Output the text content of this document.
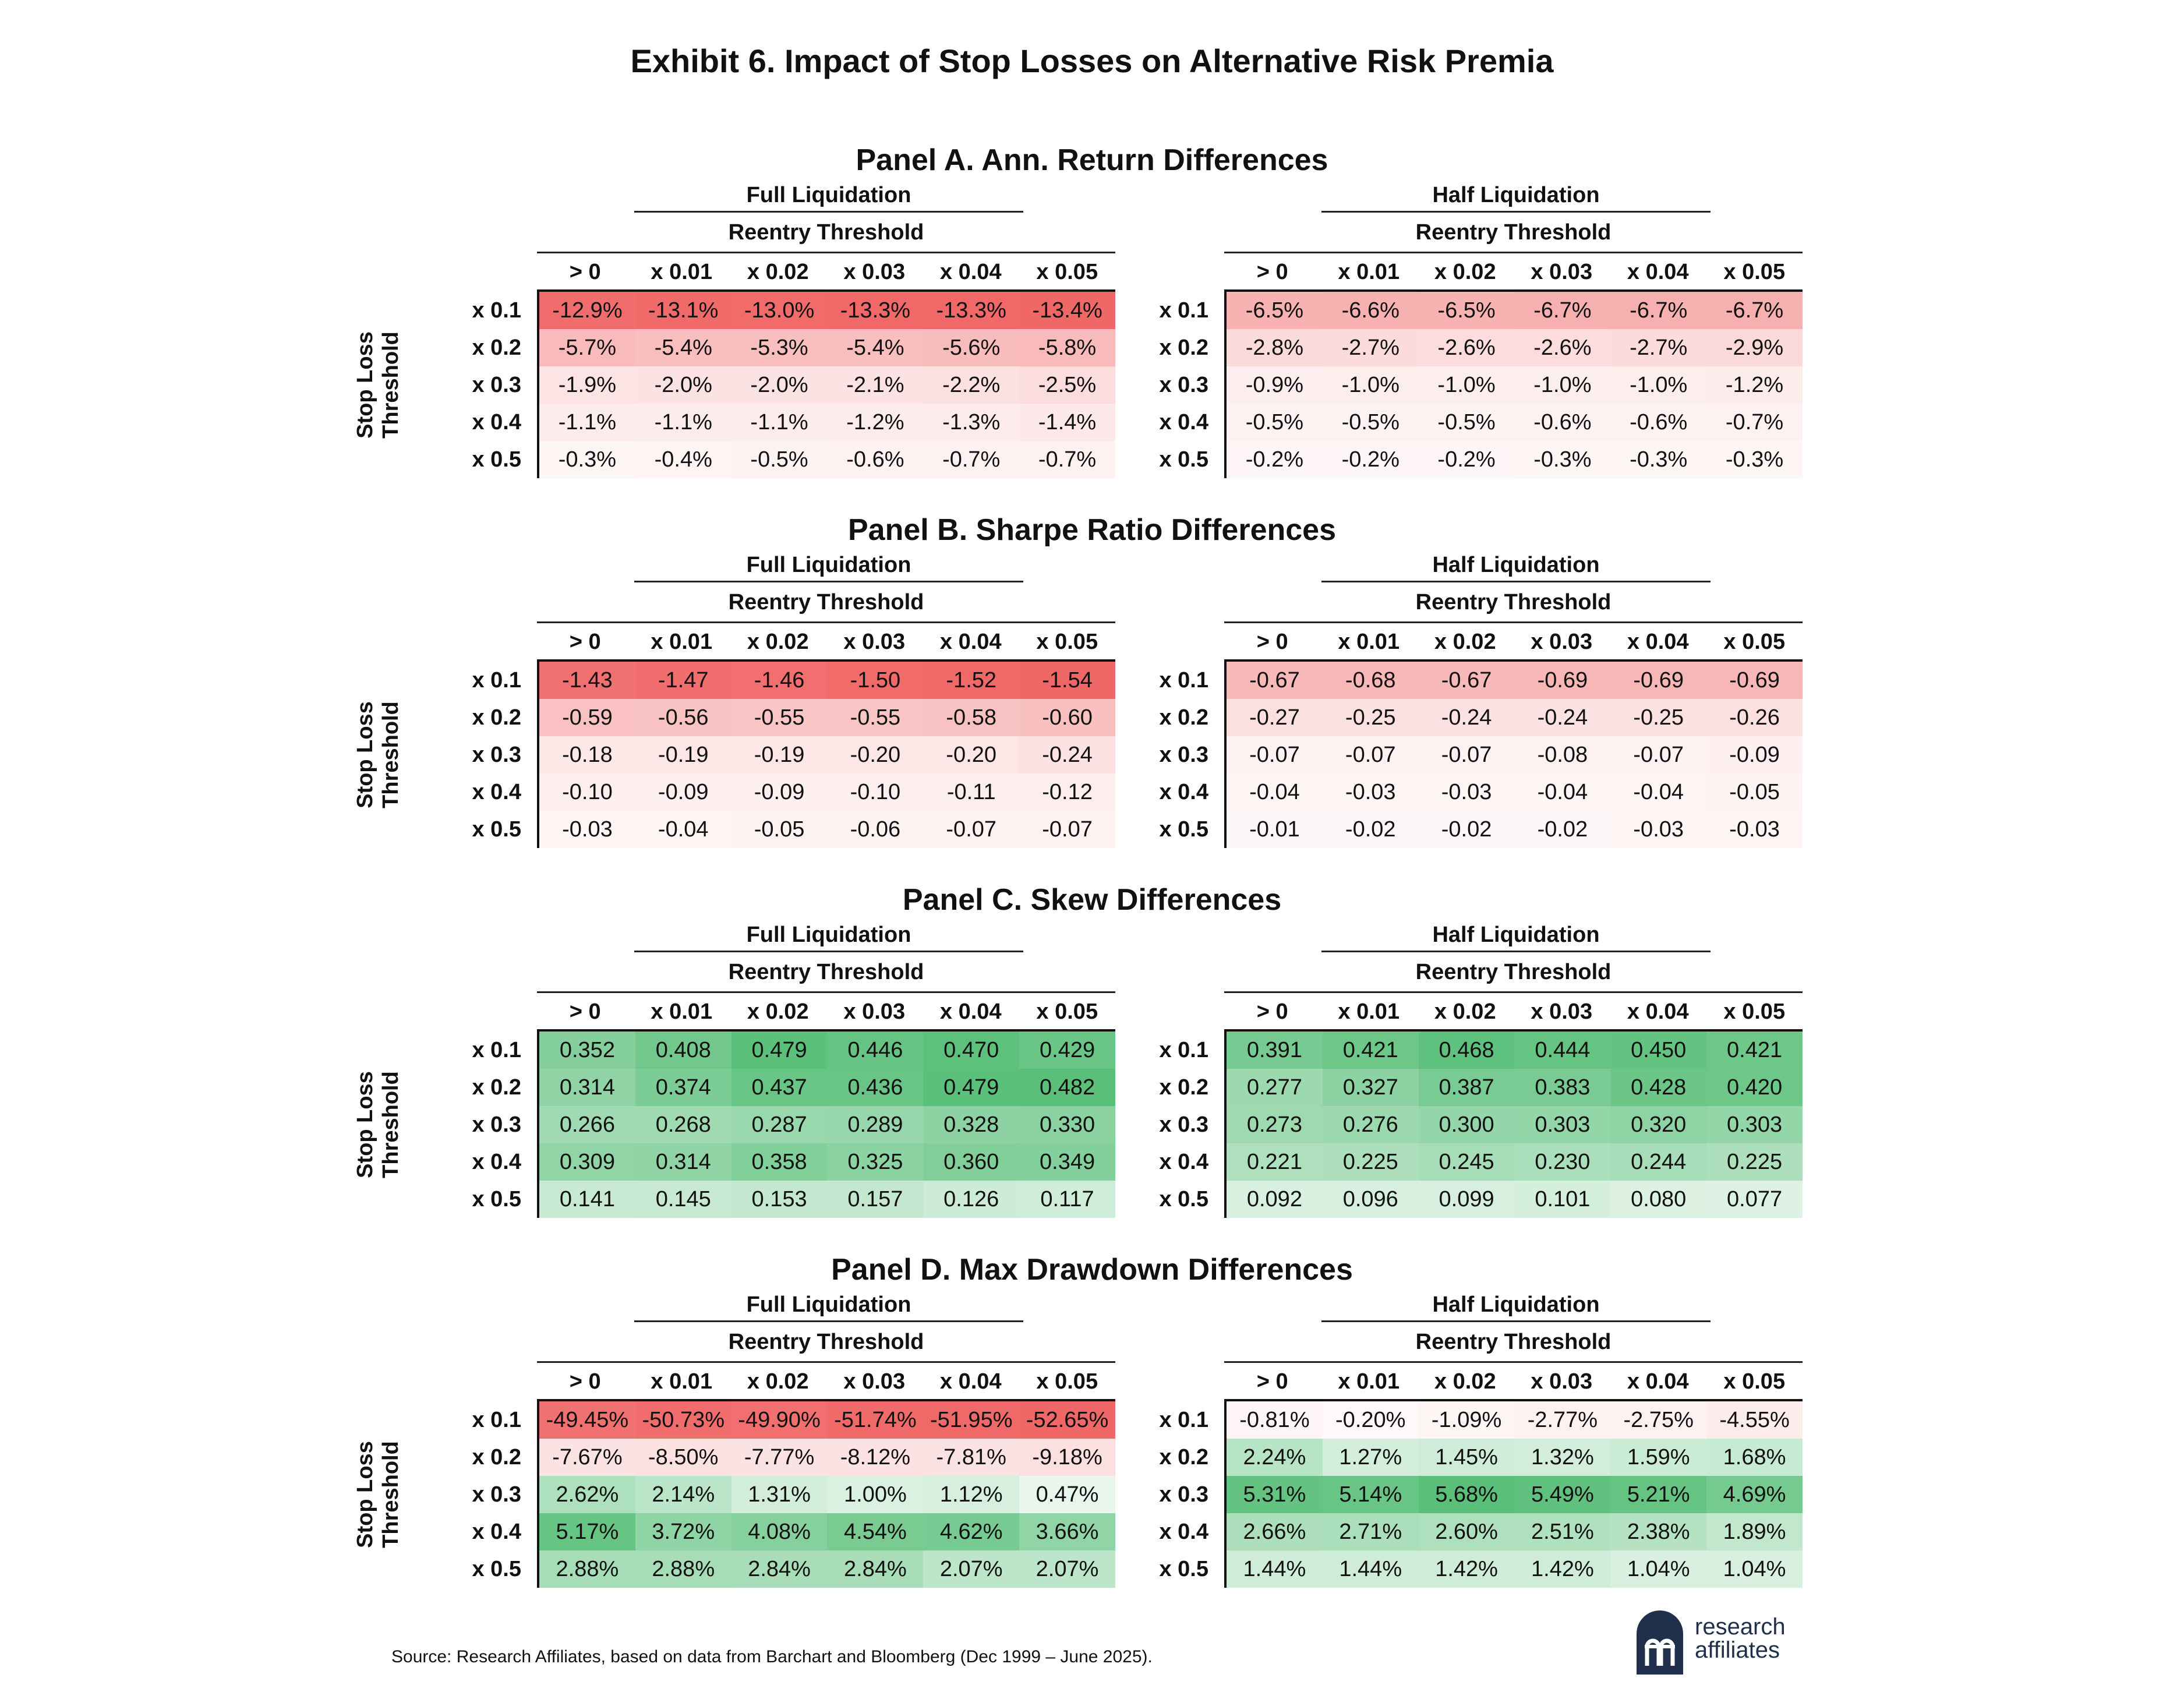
Exhibit 6. Impact of Stop Losses on Alternative Risk Premia
Panel A. Ann. Return Differences
Full Liquidation
Reentry Threshold
> 0	x 0.01	x 0.02	x 0.03	x 0.04	x 0.05
x 0.1
x 0.2
x 0.3
x 0.4
x 0.5
Stop Loss Threshold
-12.9%	-13.1%	-13.0%	-13.3%	-13.3%	-13.4%
-5.7%	-5.4%	-5.3%	-5.4%	-5.6%	-5.8%
-1.9%	-2.0%	-2.0%	-2.1%	-2.2%	-2.5%
-1.1%	-1.1%	-1.1%	-1.2%	-1.3%	-1.4%
-0.3%	-0.4%	-0.5%	-0.6%	-0.7%	-0.7%
Half Liquidation
Reentry Threshold
> 0	x 0.01	x 0.02	x 0.03	x 0.04	x 0.05
x 0.1
x 0.2
x 0.3
x 0.4
x 0.5
-6.5%	-6.6%	-6.5%	-6.7%	-6.7%	-6.7%
-2.8%	-2.7%	-2.6%	-2.6%	-2.7%	-2.9%
-0.9%	-1.0%	-1.0%	-1.0%	-1.0%	-1.2%
-0.5%	-0.5%	-0.5%	-0.6%	-0.6%	-0.7%
-0.2%	-0.2%	-0.2%	-0.3%	-0.3%	-0.3%
Panel B. Sharpe Ratio Differences
Full Liquidation
Reentry Threshold
> 0	x 0.01	x 0.02	x 0.03	x 0.04	x 0.05
x 0.1
x 0.2
x 0.3
x 0.4
x 0.5
Stop Loss Threshold
-1.43	-1.47	-1.46	-1.50	-1.52	-1.54
-0.59	-0.56	-0.55	-0.55	-0.58	-0.60
-0.18	-0.19	-0.19	-0.20	-0.20	-0.24
-0.10	-0.09	-0.09	-0.10	-0.11	-0.12
-0.03	-0.04	-0.05	-0.06	-0.07	-0.07
Half Liquidation
Reentry Threshold
> 0	x 0.01	x 0.02	x 0.03	x 0.04	x 0.05
x 0.1
x 0.2
x 0.3
x 0.4
x 0.5
-0.67	-0.68	-0.67	-0.69	-0.69	-0.69
-0.27	-0.25	-0.24	-0.24	-0.25	-0.26
-0.07	-0.07	-0.07	-0.08	-0.07	-0.09
-0.04	-0.03	-0.03	-0.04	-0.04	-0.05
-0.01	-0.02	-0.02	-0.02	-0.03	-0.03
Panel C. Skew Differences
Full Liquidation
Reentry Threshold
> 0	x 0.01	x 0.02	x 0.03	x 0.04	x 0.05
x 0.1
x 0.2
x 0.3
x 0.4
x 0.5
Stop Loss Threshold
0.352	0.408	0.479	0.446	0.470	0.429
0.314	0.374	0.437	0.436	0.479	0.482
0.266	0.268	0.287	0.289	0.328	0.330
0.309	0.314	0.358	0.325	0.360	0.349
0.141	0.145	0.153	0.157	0.126	0.117
Half Liquidation
Reentry Threshold
> 0	x 0.01	x 0.02	x 0.03	x 0.04	x 0.05
x 0.1
x 0.2
x 0.3
x 0.4
x 0.5
0.391	0.421	0.468	0.444	0.450	0.421
0.277	0.327	0.387	0.383	0.428	0.420
0.273	0.276	0.300	0.303	0.320	0.303
0.221	0.225	0.245	0.230	0.244	0.225
0.092	0.096	0.099	0.101	0.080	0.077
Panel D. Max Drawdown Differences
Full Liquidation
Reentry Threshold
> 0	x 0.01	x 0.02	x 0.03	x 0.04	x 0.05
x 0.1
x 0.2
x 0.3
x 0.4
x 0.5
Stop Loss Threshold
-49.45% -50.73% -49.90% -51.74% -51.95% -52.65%
-7.67%	-8.50%	-7.77%	-8.12%	-7.81%	-9.18%
2.62%	2.14%	1.31%	1.00%	1.12%	0.47%
5.17%	3.72%	4.08%	4.54%	4.62%	3.66%
2.88%	2.88%	2.84%	2.84%	2.07%	2.07%
Half Liquidation
Reentry Threshold
> 0	x 0.01	x 0.02	x 0.03	x 0.04	x 0.05
x 0.1
x 0.2
x 0.3
x 0.4
x 0.5
-0.81%	-0.20%	-1.09%	-2.77%	-2.75%	-4.55%
2.24%	1.27%	1.45%	1.32%	1.59%	1.68%
5.31%	5.14%	5.68%	5.49%	5.21%	4.69%
2.66%	2.71%	2.60%	2.51%	2.38%	1.89%
1.44%	1.44%	1.42%	1.42%	1.04%	1.04%
Source: Research Affiliates, based on data from Barchart and Bloomberg (Dec 1999 – June 2025).
research
affiliates
